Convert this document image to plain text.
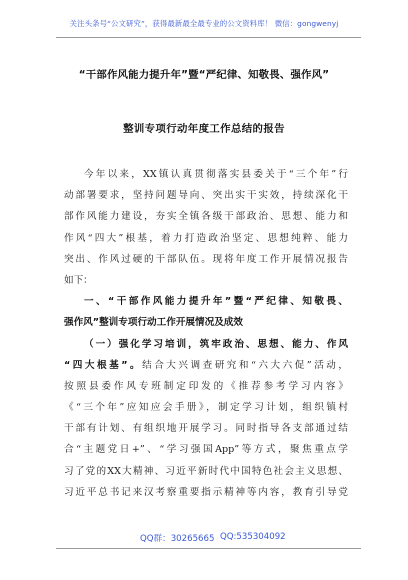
关注头条号“公文研究”，获得最新最全最专业的公文资料库！ 微信：gongwenyj
“干部作风能力提升年”暨“严纪律、知敬畏、强作风”
整训专项行动年度工作总结的报告
今年以来，XX镇认真贯彻落实县委关于“三个年”行
动部署要求，坚持问题导向、突出实干实效，持续深化干
部作风能力建设，夯实全镇各级干部政治、思想、能力和
作风“四大”根基，着力打造政治坚定、思想纯粹、能力
突出、作风过硬的干部队伍。现将年度工作开展情况报告
如下：
一、“干部作风能力提升年”暨“严纪律、知敬畏、
强作风”整训专项行动工作开展情况及成效
（一）强化学习培训，筑牢政治、思想、能力、作风
“四大根基”。结合大兴调查研究和“六大六促”活动，
按照县委作风专班制定印发的《推荐参考学习内容》
《“三个年”应知应会手册》，制定学习计划，组织镇村
干部有计划、有组织地开展学习。同时指导各支部通过结
合“主题党日+”、“学习强国App”等方式，聚焦重点学
习了党的XX大精神、习近平新时代中国特色社会主义思想、
习近平总书记来汉考察重要指示精神等内容，教育引导党
QQ群：30265665 QQ:535304092
